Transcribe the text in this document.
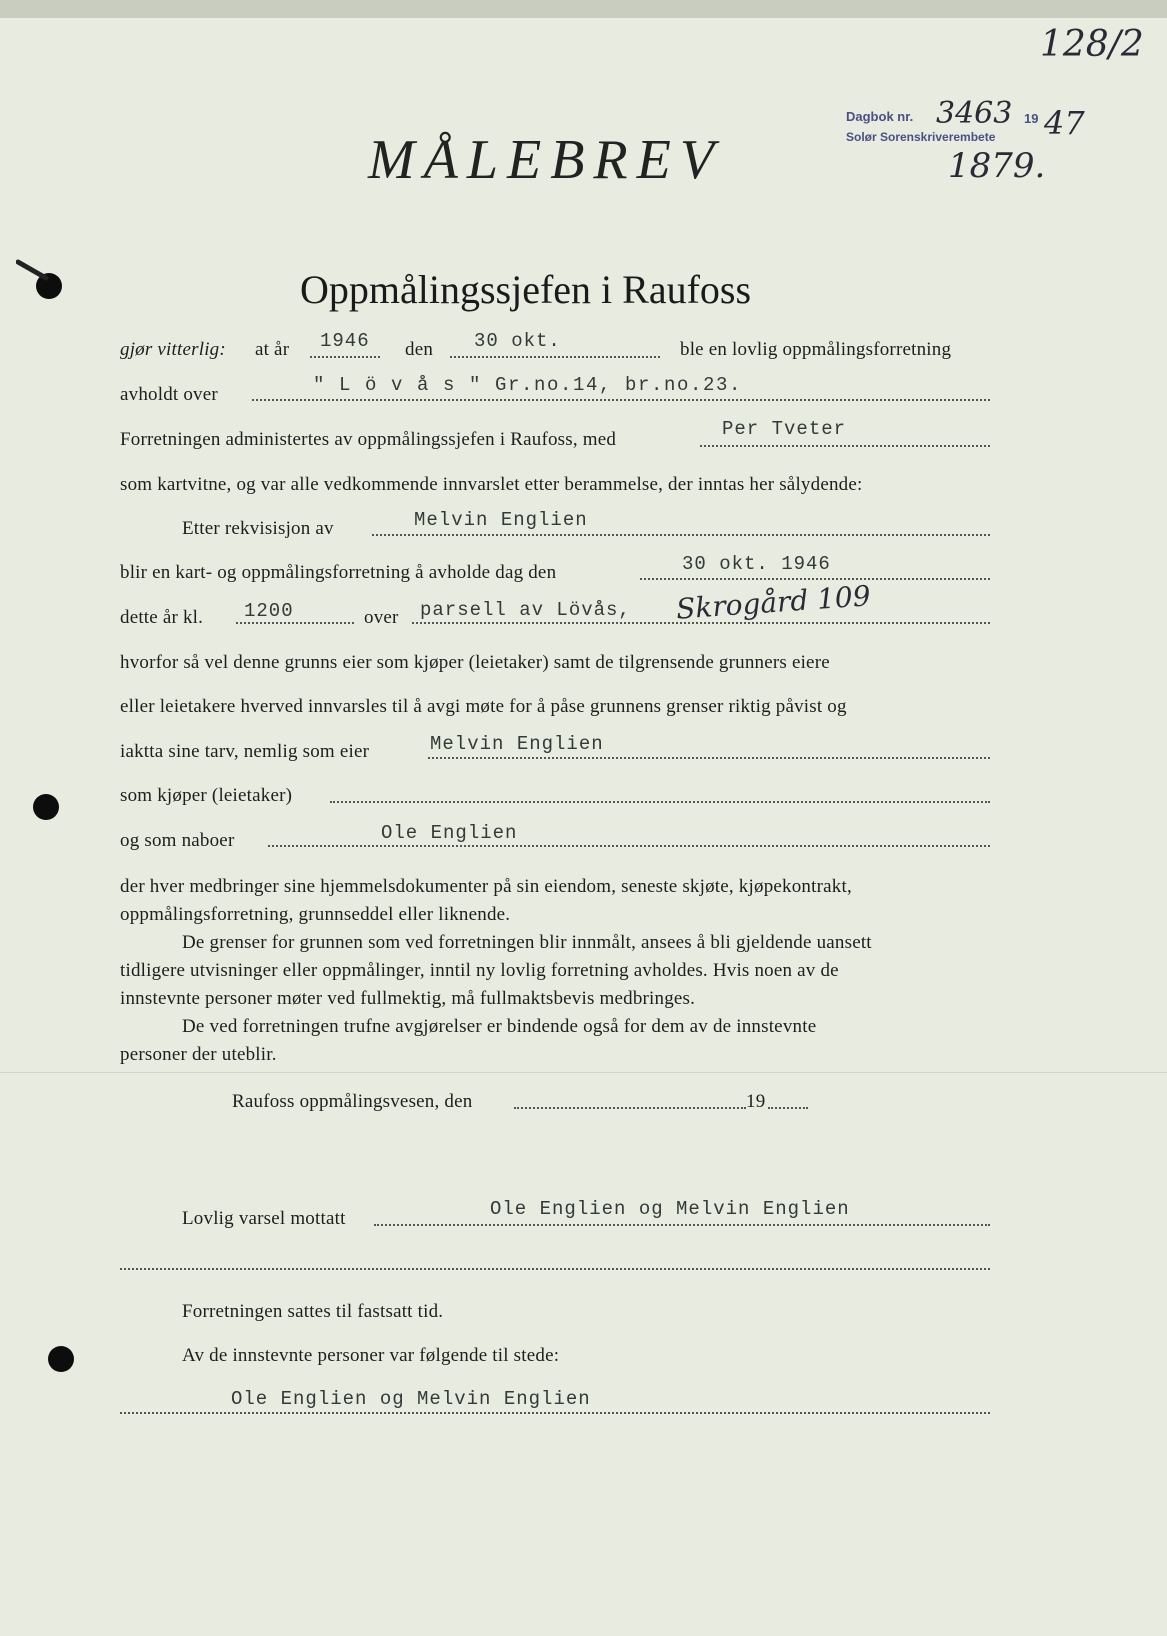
128/2
Dagbok nr. 3463 19 47
Solør Sorenskriverembete
1879.
MÅLEBREV
Oppmålingssjefen i Raufoss
gjør vitterlig: at år 1946 den 30 okt.	ble en lovlig oppmålingsforretning
avholdt over	" L ö v å s " Gr.no.14, br.no.23.
Forretningen administertes av oppmålingssjefen i Raufoss, med	Per Tveter
som kartvitne, og var alle vedkommende innvarslet etter berammelse, der inntas her sålydende:
Etter rekvisisjon av	Melvin Englien
blir en kart- og oppmålingsforretning å avholde dag den	30 okt. 1946
dette år kl. 1200	over parsell av Lövås, Skrogård 109
hvorfor så vel denne grunns eier som kjøper (leietaker) samt de tilgrensende grunners eiere
eller leietakere hverved innvarsles til å avgi møte for å påse grunnens grenser riktig påvist og
iaktta sine tarv, nemlig som eier	Melvin Englien
som kjøper (leietaker)
og som naboer	Ole Englien
der hver medbringer sine hjemmelsdokumenter på sin eiendom, seneste skjøte, kjøpekontrakt,
oppmålingsforretning, grunnseddel eller liknende.
De grenser for grunnen som ved forretningen blir innmålt, ansees å bli gjeldende uansett
tidligere utvisninger eller oppmålinger, inntil ny lovlig forretning avholdes. Hvis noen av de
innstevnte personer møter ved fullmektig, må fullmaktsbevis medbringes.
De ved forretningen trufne avgjørelser er bindende også for dem av de innstevnte
personer der uteblir.
Raufoss oppmålingsvesen, den	19
Lovlig varsel mottatt	Ole Englien og Melvin Englien
Forretningen sattes til fastsatt tid.
Av de innstevnte personer var følgende til stede:
Ole Englien og Melvin Englien
